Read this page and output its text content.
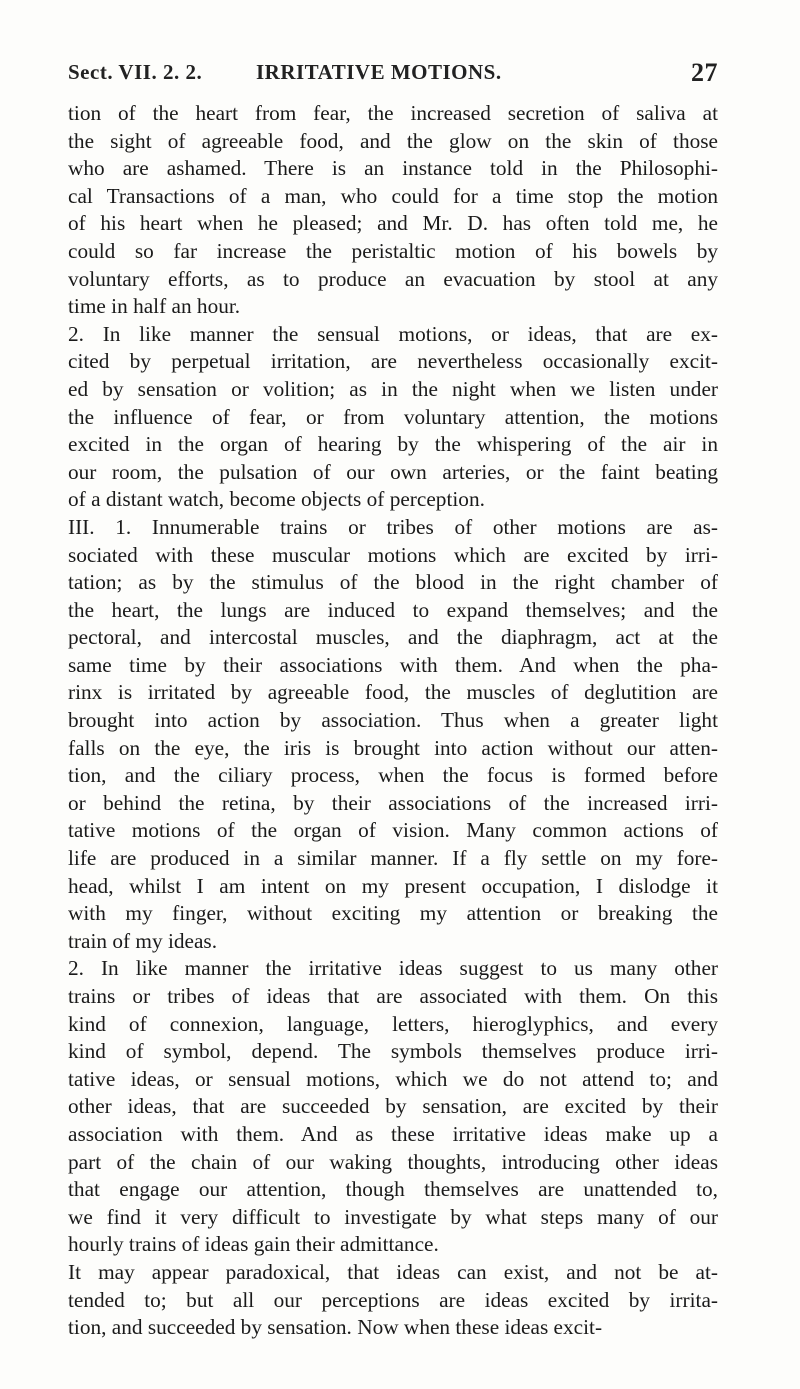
Sect. VII. 2. 2.	IRRITATIVE MOTIONS.	27
tion of the heart from fear, the increased secretion of saliva at
the sight of agreeable food, and the glow on the skin of those
who are ashamed. There is an instance told in the Philosophi-
cal Transactions of a man, who could for a time stop the motion
of his heart when he pleased; and Mr. D. has often told me, he
could so far increase the peristaltic motion of his bowels by
voluntary efforts, as to produce an evacuation by stool at any
time in half an hour.
2. In like manner the sensual motions, or ideas, that are ex-
cited by perpetual irritation, are nevertheless occasionally excit-
ed by sensation or volition; as in the night when we listen under
the influence of fear, or from voluntary attention, the motions
excited in the organ of hearing by the whispering of the air in
our room, the pulsation of our own arteries, or the faint beating
of a distant watch, become objects of perception.
III. 1. Innumerable trains or tribes of other motions are as-
sociated with these muscular motions which are excited by irri-
tation; as by the stimulus of the blood in the right chamber of
the heart, the lungs are induced to expand themselves; and the
pectoral, and intercostal muscles, and the diaphragm, act at the
same time by their associations with them. And when the pha-
rinx is irritated by agreeable food, the muscles of deglutition are
brought into action by association. Thus when a greater light
falls on the eye, the iris is brought into action without our atten-
tion, and the ciliary process, when the focus is formed before
or behind the retina, by their associations of the increased irri-
tative motions of the organ of vision. Many common actions of
life are produced in a similar manner. If a fly settle on my fore-
head, whilst I am intent on my present occupation, I dislodge it
with my finger, without exciting my attention or breaking the
train of my ideas.
2. In like manner the irritative ideas suggest to us many other
trains or tribes of ideas that are associated with them. On this
kind of connexion, language, letters, hieroglyphics, and every
kind of symbol, depend. The symbols themselves produce irri-
tative ideas, or sensual motions, which we do not attend to; and
other ideas, that are succeeded by sensation, are excited by their
association with them. And as these irritative ideas make up a
part of the chain of our waking thoughts, introducing other ideas
that engage our attention, though themselves are unattended to,
we find it very difficult to investigate by what steps many of our
hourly trains of ideas gain their admittance.
It may appear paradoxical, that ideas can exist, and not be at-
tended to; but all our perceptions are ideas excited by irrita-
tion, and succeeded by sensation. Now when these ideas excit-
